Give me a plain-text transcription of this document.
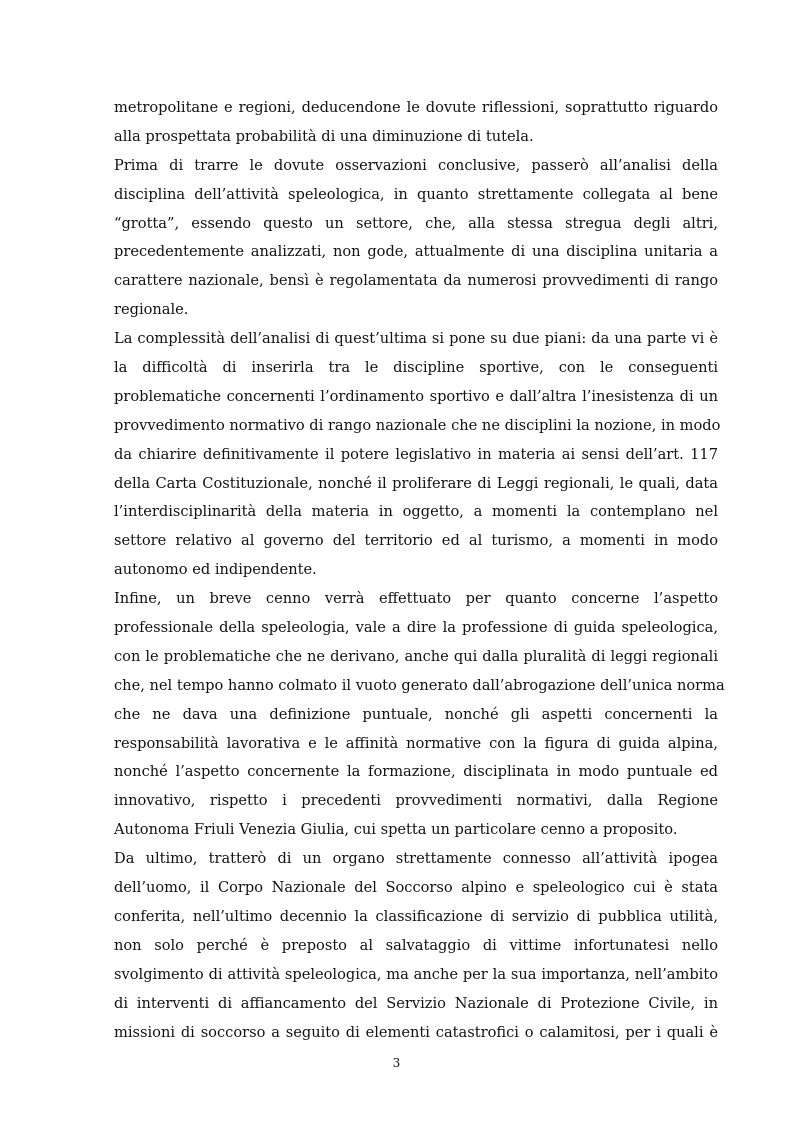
metropolitane e regioni, deducendone le dovute riflessioni, soprattutto riguardo
alla prospettata probabilità di una diminuzione di tutela.
Prima di trarre le dovute osservazioni conclusive, passerò all’analisi della
disciplina dell’attività speleologica, in quanto strettamente collegata al bene
“grotta”, essendo questo un settore, che, alla stessa stregua degli altri,
precedentemente analizzati, non gode, attualmente di una disciplina unitaria a
carattere nazionale, bensì è regolamentata da numerosi provvedimenti di rango
regionale.
La complessità dell’analisi di quest’ultima si pone su due piani: da una parte vi è
la difficoltà di inserirla tra le discipline sportive, con le conseguenti
problematiche concernenti l’ordinamento sportivo e dall’altra l’inesistenza di un
provvedimento normativo di rango nazionale che ne disciplini la nozione, in modo
da chiarire definitivamente il potere legislativo in materia ai sensi dell’art. 117
della Carta Costituzionale, nonché il proliferare di Leggi regionali, le quali, data
l’interdisciplinarità della materia in oggetto, a momenti la contemplano nel
settore relativo al governo del territorio ed al turismo, a momenti in modo
autonomo ed indipendente.
Infine, un breve cenno verrà effettuato per quanto concerne l’aspetto
professionale della speleologia, vale a dire la professione di guida speleologica,
con le problematiche che ne derivano, anche qui dalla pluralità di leggi regionali
che, nel tempo hanno colmato il vuoto generato dall’abrogazione dell’unica norma
che ne dava una definizione puntuale, nonché gli aspetti concernenti la
responsabilità lavorativa e le affinità normative con la figura di guida alpina,
nonché l’aspetto concernente la formazione, disciplinata in modo puntuale ed
innovativo, rispetto i precedenti provvedimenti normativi, dalla Regione
Autonoma Friuli Venezia Giulia, cui spetta un particolare cenno a proposito.
Da ultimo, tratterò di un organo strettamente connesso all’attività ipogea
dell’uomo, il Corpo Nazionale del Soccorso alpino e speleologico cui è stata
conferita, nell’ultimo decennio la classificazione di servizio di pubblica utilità,
non solo perché è preposto al salvataggio di vittime infortunatesi nello
svolgimento di attività speleologica, ma anche per la sua importanza, nell’ambito
di interventi di affiancamento del Servizio Nazionale di Protezione Civile, in
missioni di soccorso a seguito di elementi catastrofici o calamitosi, per i quali è
3
